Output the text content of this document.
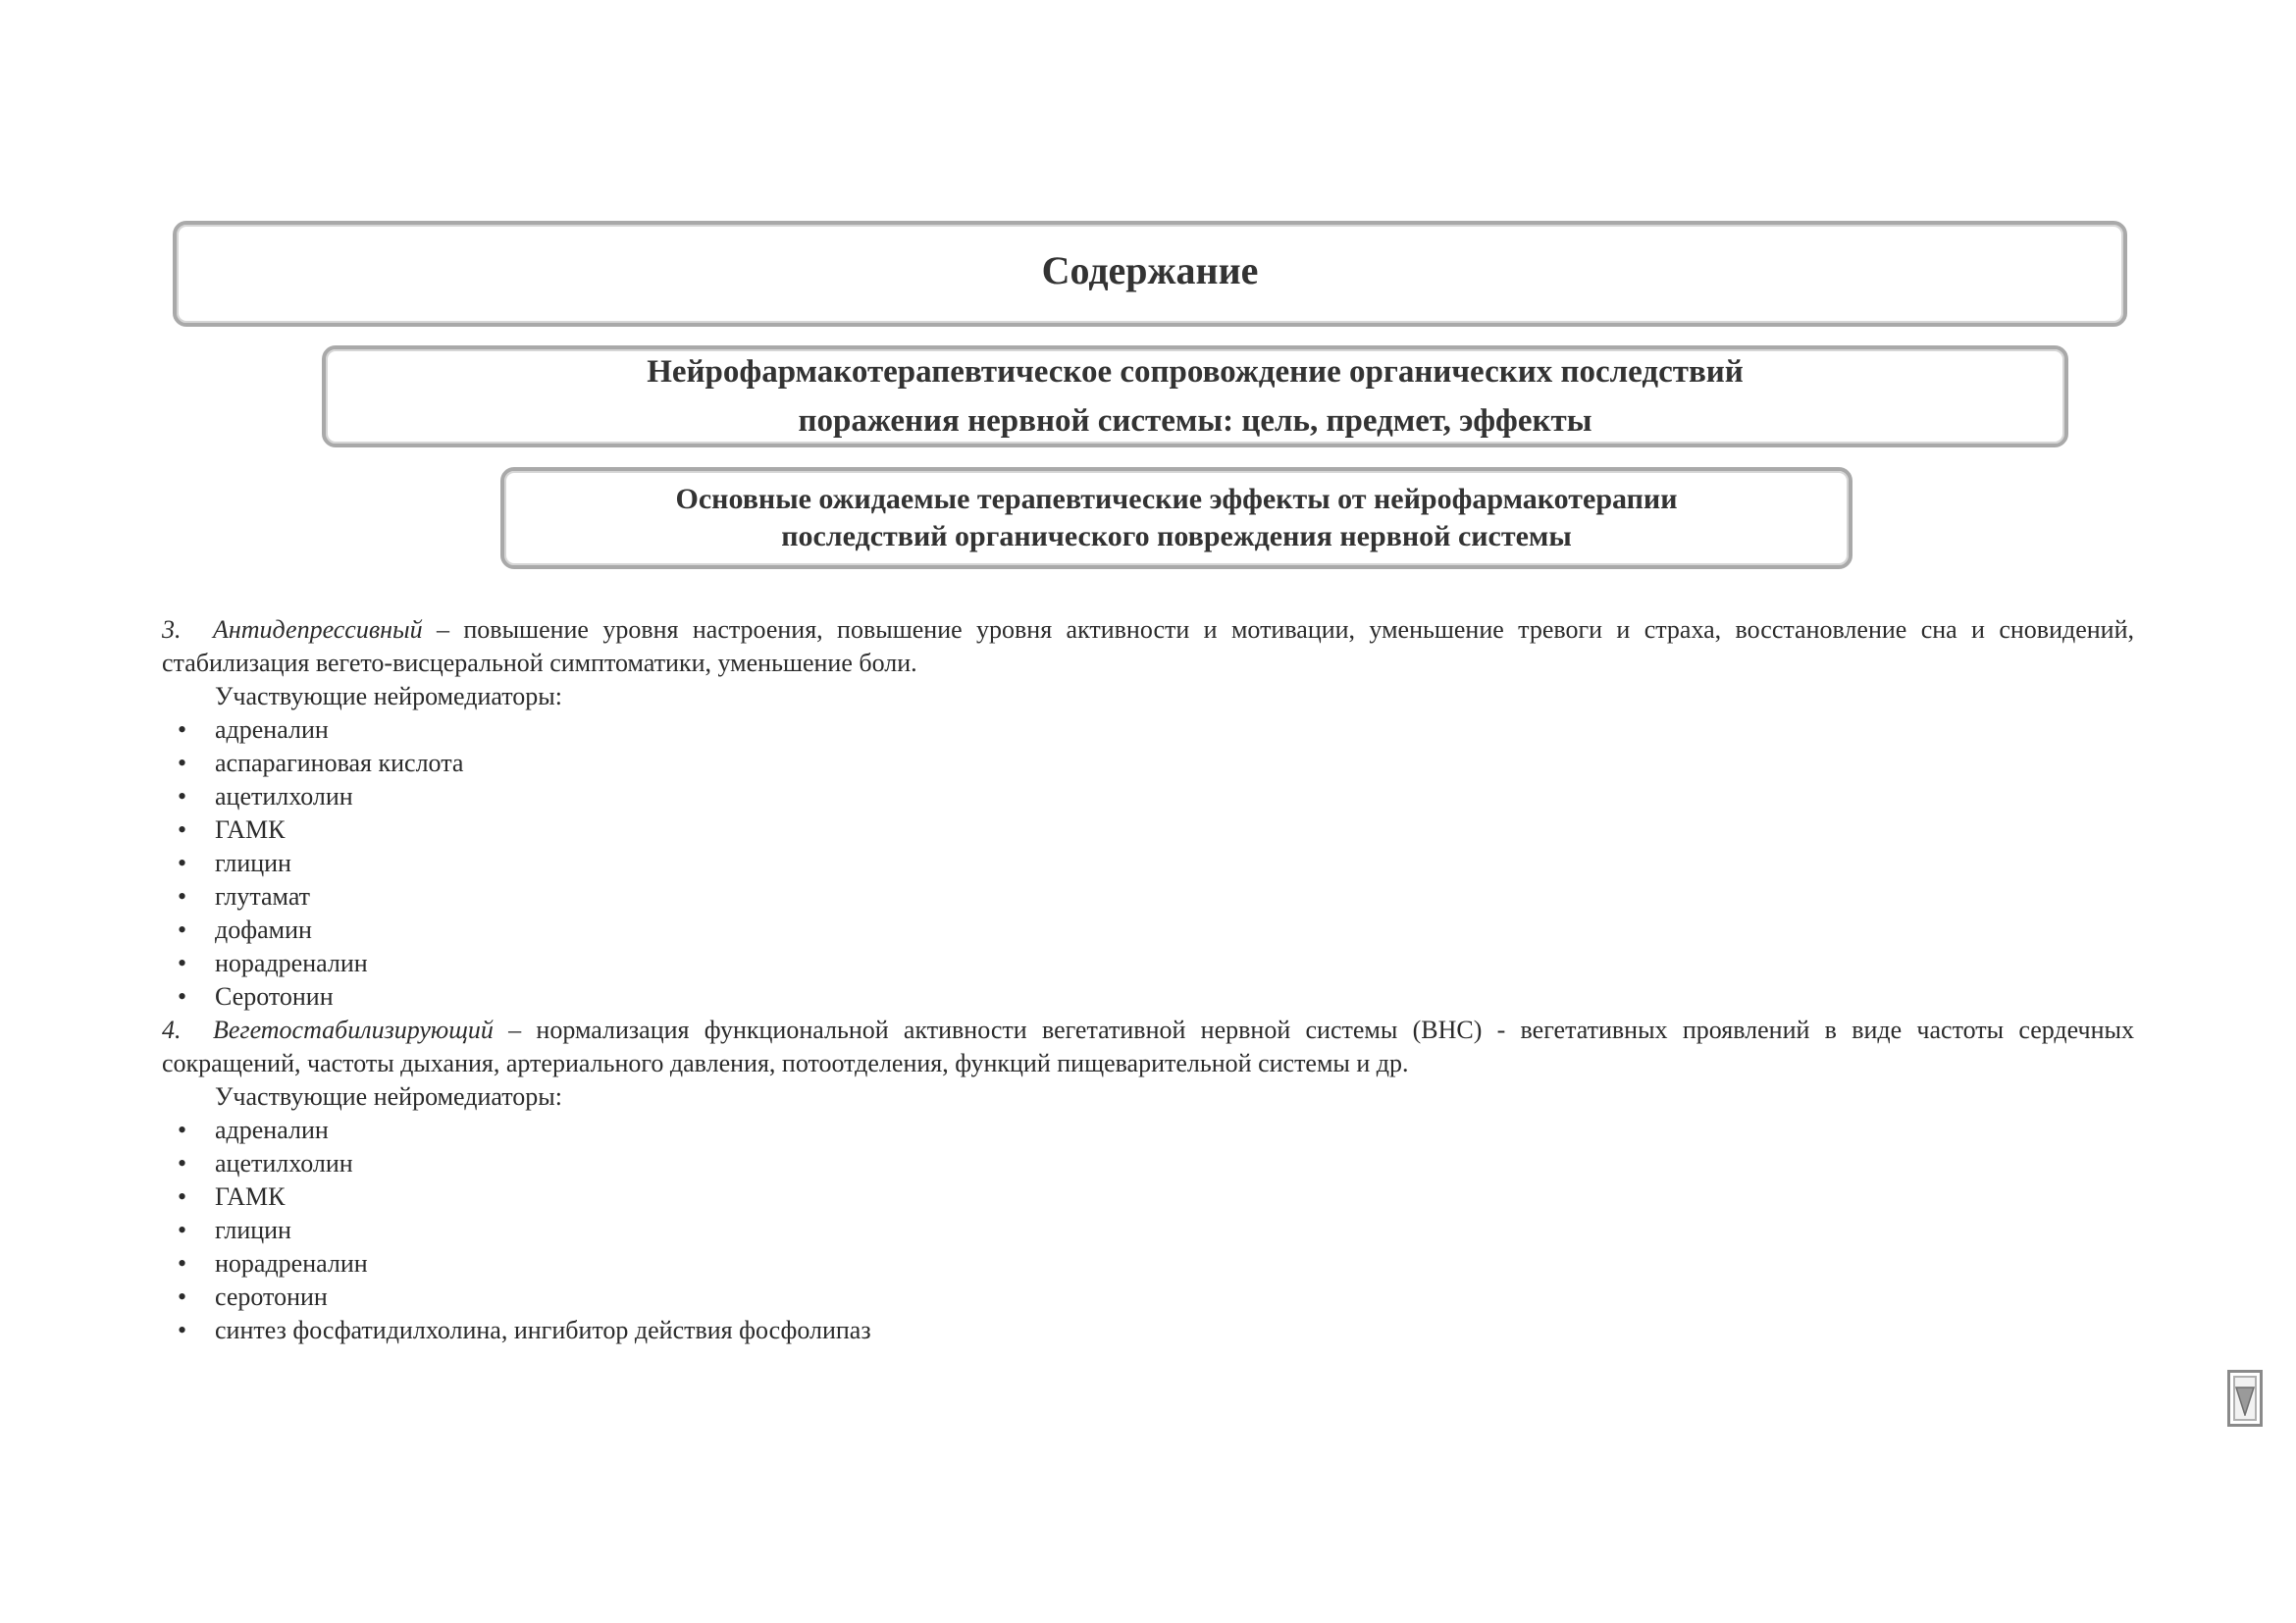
Содержание
Нейрофармакотерапевтическое сопровождение органических последствий
поражения нервной системы: цель, предмет, эффекты
Основные ожидаемые терапевтические эффекты от нейрофармакотерапии
последствий органического повреждения нервной системы

3. Антидепрессивный – повышение уровня настроения, повышение уровня активности и мотивации, уменьшение тревоги и страха, восстановление сна и сновидений, стабилизация вегето-висцеральной симптоматики, уменьшение боли.

Участвующие нейромедиаторы:

• адреналин
• аспарагиновая кислота
• ацетилхолин
• ГАМК
• глицин
• глутамат
• дофамин
• норадреналин
• Серотонин

4. Вегетостабилизирующий – нормализация функциональной активности вегетативной нервной системы (ВНС) - вегетативных проявлений в виде частоты сердечных сокращений, частоты дыхания, артериального давления, потоотделения, функций пищеварительной системы и др.

Участвующие нейромедиаторы:

• адреналин
• ацетилхолин
• ГАМК
• глицин
• норадреналин
• серотонин
• синтез фосфатидилхолина, ингибитор действия фосфолипаз
